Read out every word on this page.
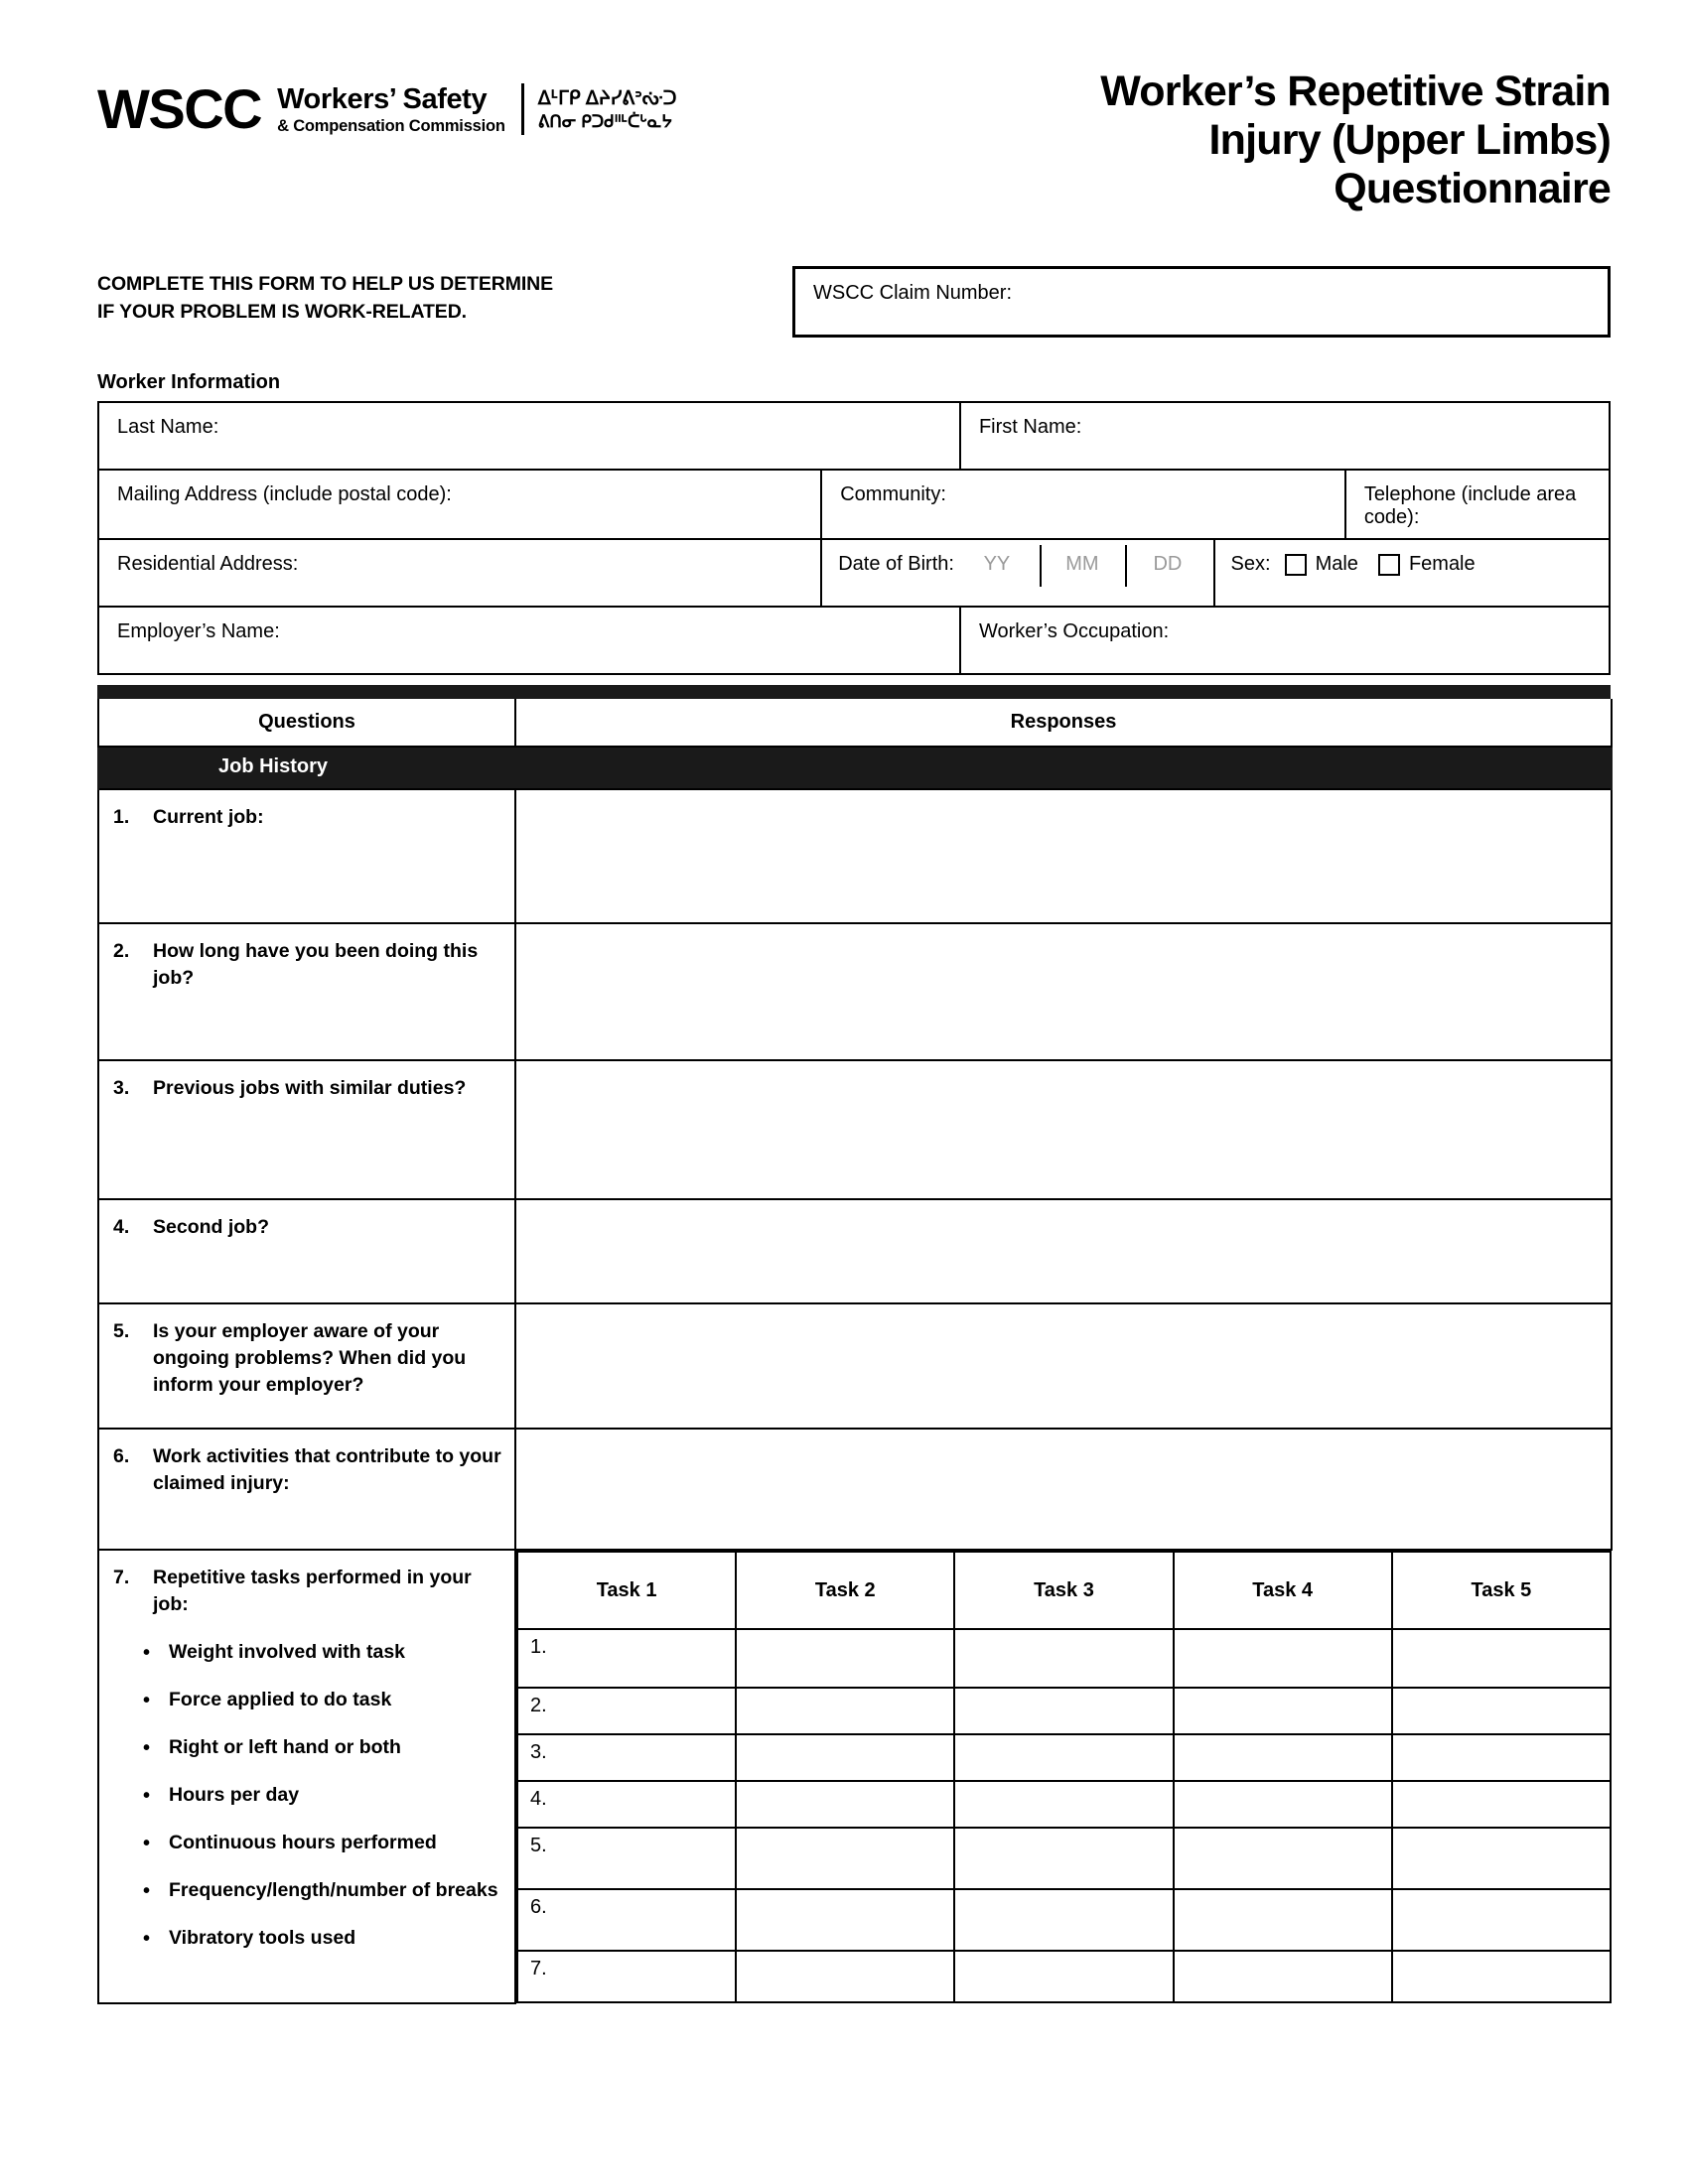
WSCC Workers’ Safety
& Compensation Commission
ᐃᒻᒥᑭ ᐃᔨᓯᕕᐣᔠᑐ
ᕕᑎᓂ ᑭᑐᑯᐦᒻᑖᒡᓇᔭ
Worker’s Repetitive Strain
Injury (Upper Limbs)
Questionnaire
COMPLETE THIS FORM TO HELP US DETERMINE
IF YOUR PROBLEM IS WORK-RELATED.
WSCC Claim Number:
Worker Information
Last Name:		First Name:		
Mailing Address (include postal code):	Community:			Telephone (include area code):
Residential Address:	Date of Birth: YY MM DD		Sex: Male Female	

Employer’s Name:		Worker’s Occupation:		
Questions	Responses
Job History

1.	Current job:

2.	How long have you been doing this job?

3.	Previous jobs with similar duties?

4.	Second job?

5.	Is your employer aware of your ongoing problems? When did you inform your employer?

6.	Work activities that contribute to your claimed injury:

7.	Repetitive tasks performed in your job:
• Weight involved with task
• Force applied to do task
• Right or left hand or both
• Hours per day
• Continuous hours performed
• Frequency/length/number of breaks
• Vibratory tools used

Task 1	Task 2	Task 3	Task 4	Task 5
1.				
2.				
3.				
4.				
5.				
6.				
7.				
